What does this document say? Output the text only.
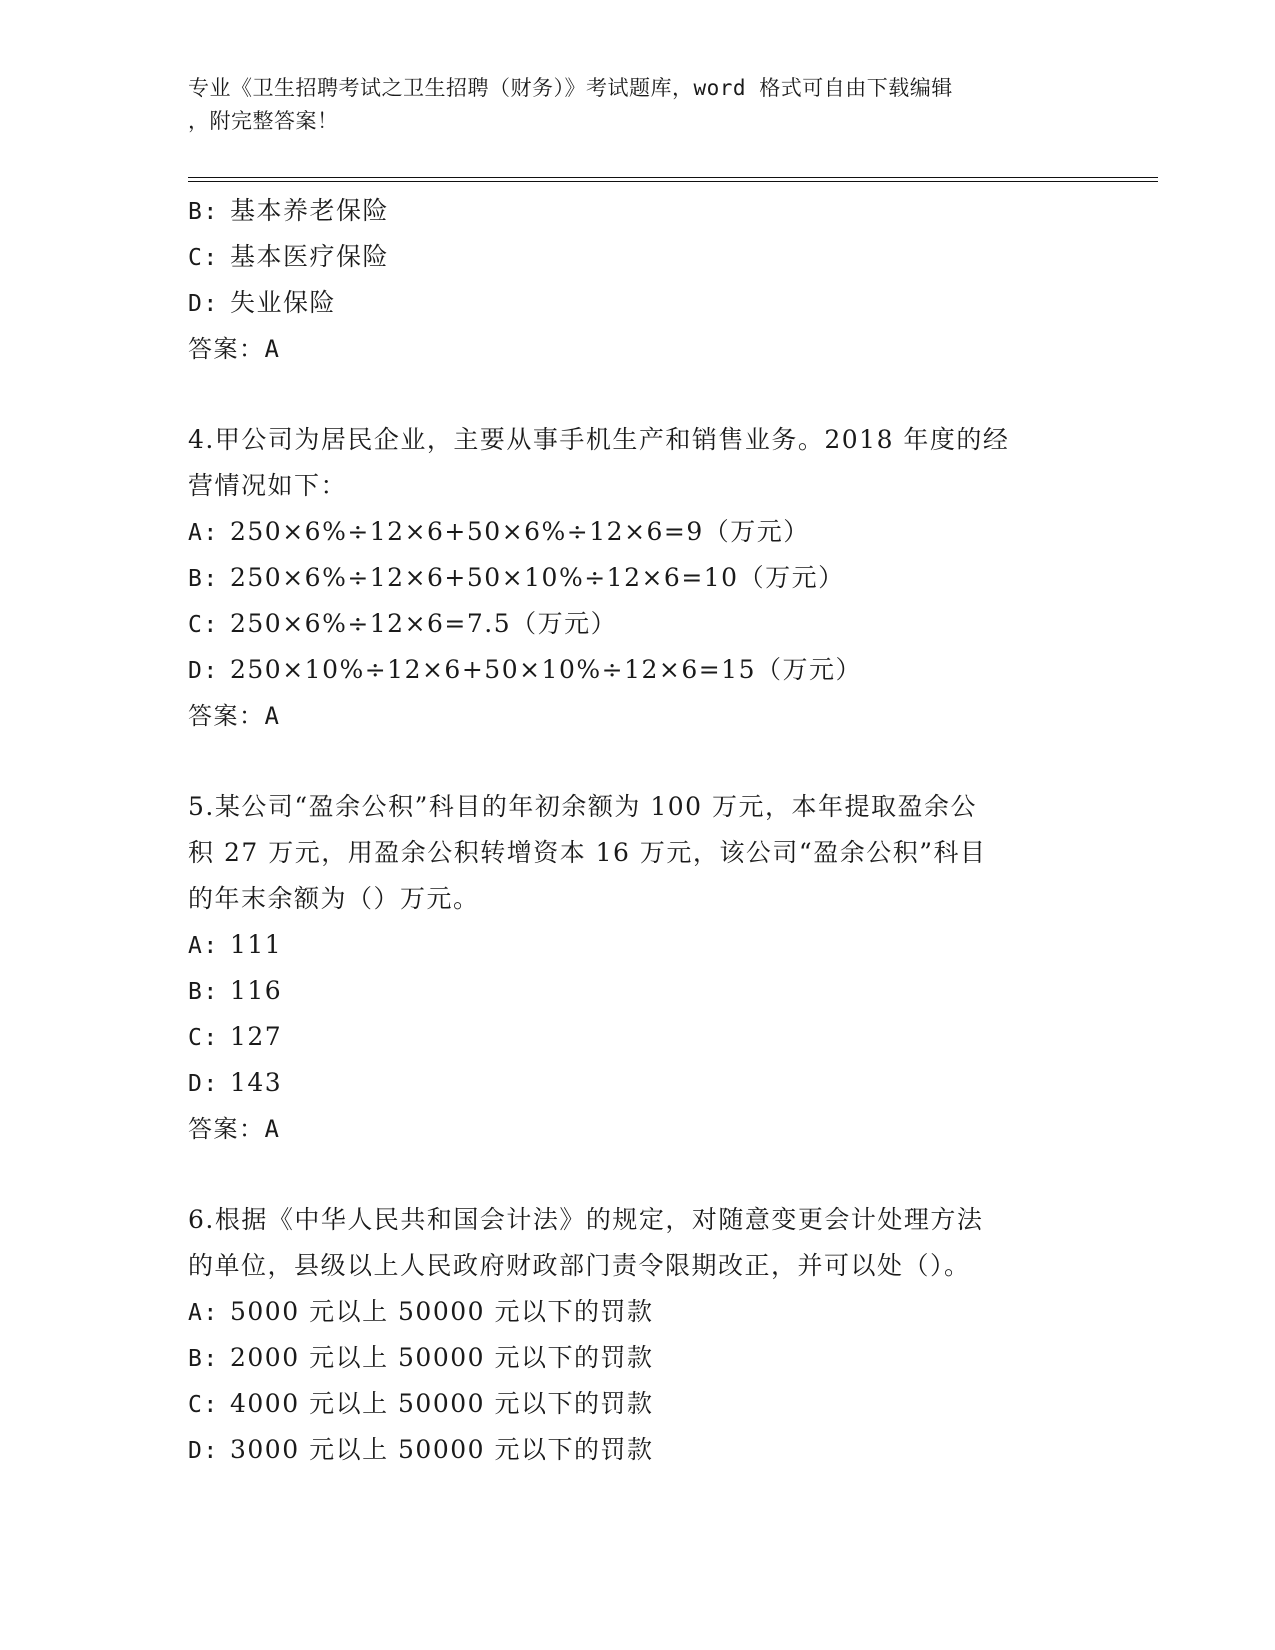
专业《卫生招聘考试之卫生招聘（财务）》考试题库，word 格式可自由下载编辑
，附完整答案！
B: 基本养老保险
C: 基本医疗保险
D: 失业保险
答案：A
4.甲公司为居民企业，主要从事手机生产和销售业务。2018 年度的经
营情况如下：
A: 250×6%÷12×6+50×6%÷12×6=9（万元）
B: 250×6%÷12×6+50×10%÷12×6=10（万元）
C: 250×6%÷12×6=7.5（万元）
D: 250×10%÷12×6+50×10%÷12×6=15（万元）
答案：A
5.某公司“盈余公积”科目的年初余额为 100 万元，本年提取盈余公
积 27 万元，用盈余公积转增资本 16 万元，该公司“盈余公积”科目
的年末余额为（）万元。
A: 111
B: 116
C: 127
D: 143
答案：A
6.根据《中华人民共和国会计法》的规定，对随意变更会计处理方法
的单位，县级以上人民政府财政部门责令限期改正，并可以处（）。
A: 5000 元以上 50000 元以下的罚款
B: 2000 元以上 50000 元以下的罚款
C: 4000 元以上 50000 元以下的罚款
D: 3000 元以上 50000 元以下的罚款
